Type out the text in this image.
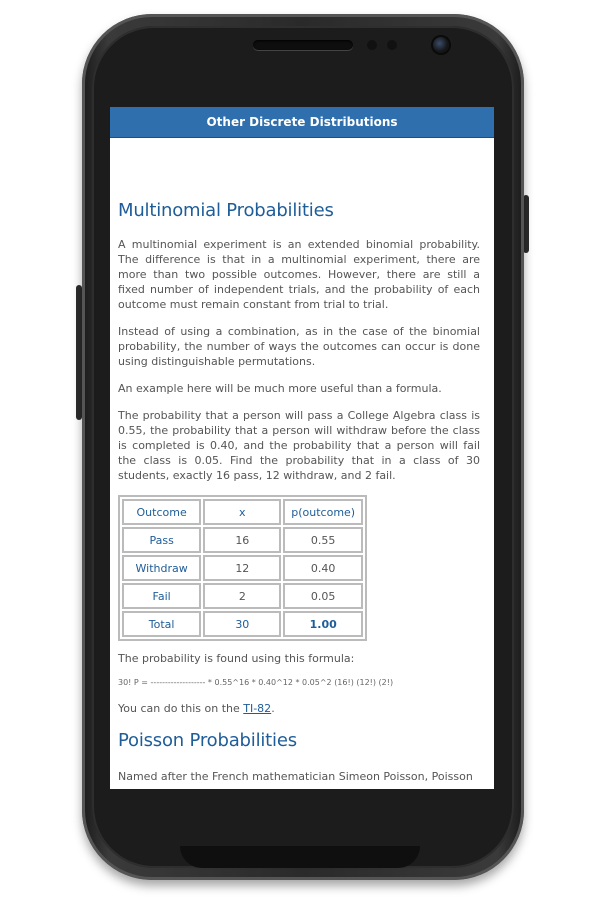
Other Discrete Distributions
Multinomial Probabilities

A multinomial experiment is an extended binomial probability. The difference is that in a multinomial experiment, there are more than two possible outcomes. However, there are still a fixed number of independent trials, and the probability of each outcome must remain constant from trial to trial.

Instead of using a combination, as in the case of the binomial probability, the number of ways the outcomes can occur is done using distinguishable permutations.

An example here will be much more useful than a formula.

The probability that a person will pass a College Algebra class is 0.55, the probability that a person will withdraw before the class is completed is 0.40, and the probability that a person will fail the class is 0.05. Find the probability that in a class of 30 students, exactly 16 pass, 12 withdraw, and 2 fail.

Outcome	x	p(outcome)
Pass	16	0.55
Withdraw	12	0.40
Fail	2	0.05
Total	30	1.00

The probability is found using this formula:

30! P = ------------------- * 0.55^16 * 0.40^12 * 0.05^2 (16!) (12!) (2!)

You can do this on the TI-82.

Poisson Probabilities

Named after the French mathematician Simeon Poisson, Poisson
